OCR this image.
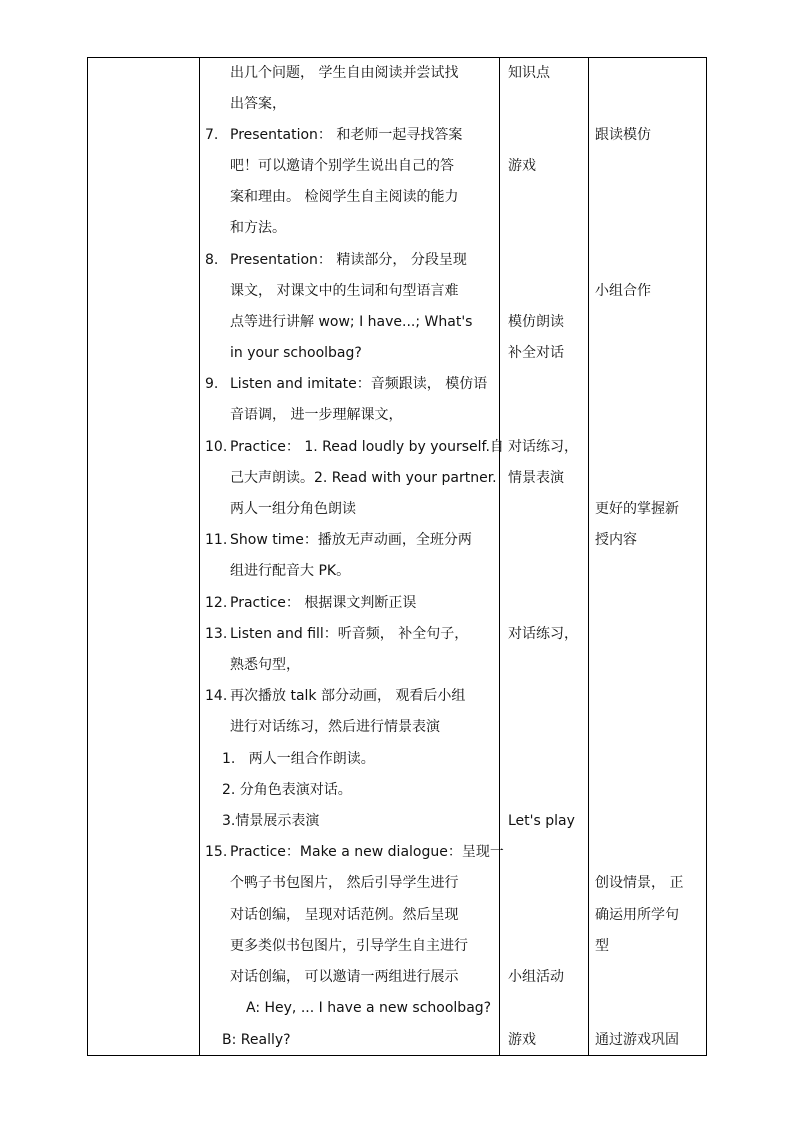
出几个问题， 学生自由阅读并尝试找
出答案，
7. Presentation： 和老师一起寻找答案
吧！可以邀请个别学生说出自己的答
案和理由。 检阅学生自主阅读的能力
和方法。
8. Presentation： 精读部分， 分段呈现
课文， 对课文中的生词和句型语言难
点等进行讲解 wow; I have...; What's
in your schoolbag?
9. Listen and imitate：音频跟读， 模仿语
音语调， 进一步理解课文，
10. Practice： 1. Read loudly by yourself.自
己大声朗读。2. Read with your partner.
两人一组分角色朗读
11. Show time：播放无声动画，全班分两
组进行配音大 PK。
12. Practice： 根据课文判断正误
13. Listen and fill：听音频， 补全句子，
熟悉句型，
14. 再次播放 talk 部分动画， 观看后小组
进行对话练习，然后进行情景表演
1.   两人一组合作朗读。
2. 分角色表演对话。
3.情景展示表演
15. Practice：Make a new dialogue：呈现一
个鸭子书包图片， 然后引导学生进行
对话创编， 呈现对话范例。然后呈现
更多类似书包图片，引导学生自主进行
对话创编， 可以邀请一两组进行展示
A: Hey, ... I have a new schoolbag?
B: Really?
知识点
游戏
模仿朗读
补全对话
对话练习，
情景表演
对话练习，
Let's play
小组活动
游戏
跟读模仿
小组合作
更好的掌握新
授内容
创设情景， 正
确运用所学句
型
通过游戏巩固
